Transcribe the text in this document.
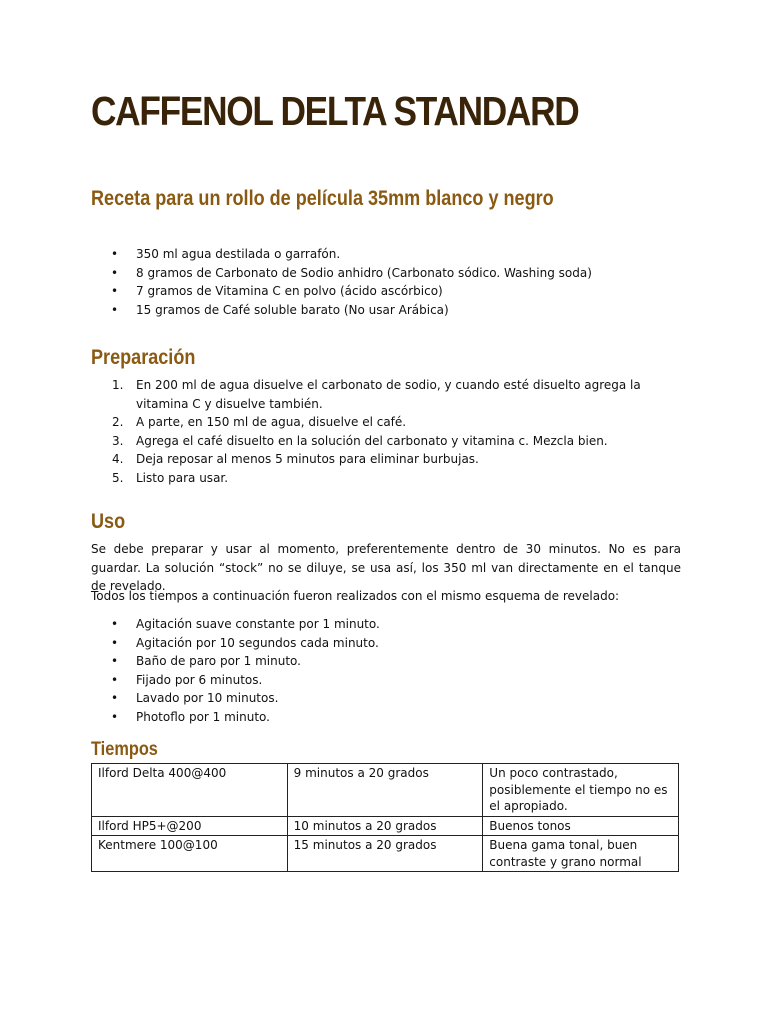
CAFFENOL DELTA STANDARD
Receta para un rollo de película 35mm blanco y negro
• 350 ml agua destilada o garrafón.
• 8 gramos de Carbonato de Sodio anhidro (Carbonato sódico. Washing soda)
• 7 gramos de Vitamina C en polvo (ácido ascórbico)
• 15 gramos de Café soluble barato (No usar Arábica)
Preparación
1. En 200 ml de agua disuelve el carbonato de sodio, y cuando esté disuelto agrega la vitamina C y disuelve también.
2. A parte, en 150 ml de agua, disuelve el café.
3. Agrega el café disuelto en la solución del carbonato y vitamina c. Mezcla bien.
4. Deja reposar al menos 5 minutos para eliminar burbujas.
5. Listo para usar.
Uso

Se debe preparar y usar al momento, preferentemente dentro de 30 minutos. No es para guardar. La solución “stock” no se diluye, se usa así, los 350 ml van directamente en el tanque de revelado.

Todos los tiempos a continuación fueron realizados con el mismo esquema de revelado:

• Agitación suave constante por 1 minuto.
• Agitación por 10 segundos cada minuto.
• Baño de paro por 1 minuto.
• Fijado por 6 minutos.
• Lavado por 10 minutos.
• Photoflo por 1 minuto.
Tiempos
Ilford Delta 400@400	9 minutos a 20 grados	Un poco contrastado, posiblemente el tiempo no es el apropiado.
Ilford HP5+@200	10 minutos a 20 grados	Buenos tonos
Kentmere 100@100	15 minutos a 20 grados	Buena gama tonal, buen contraste y grano normal
